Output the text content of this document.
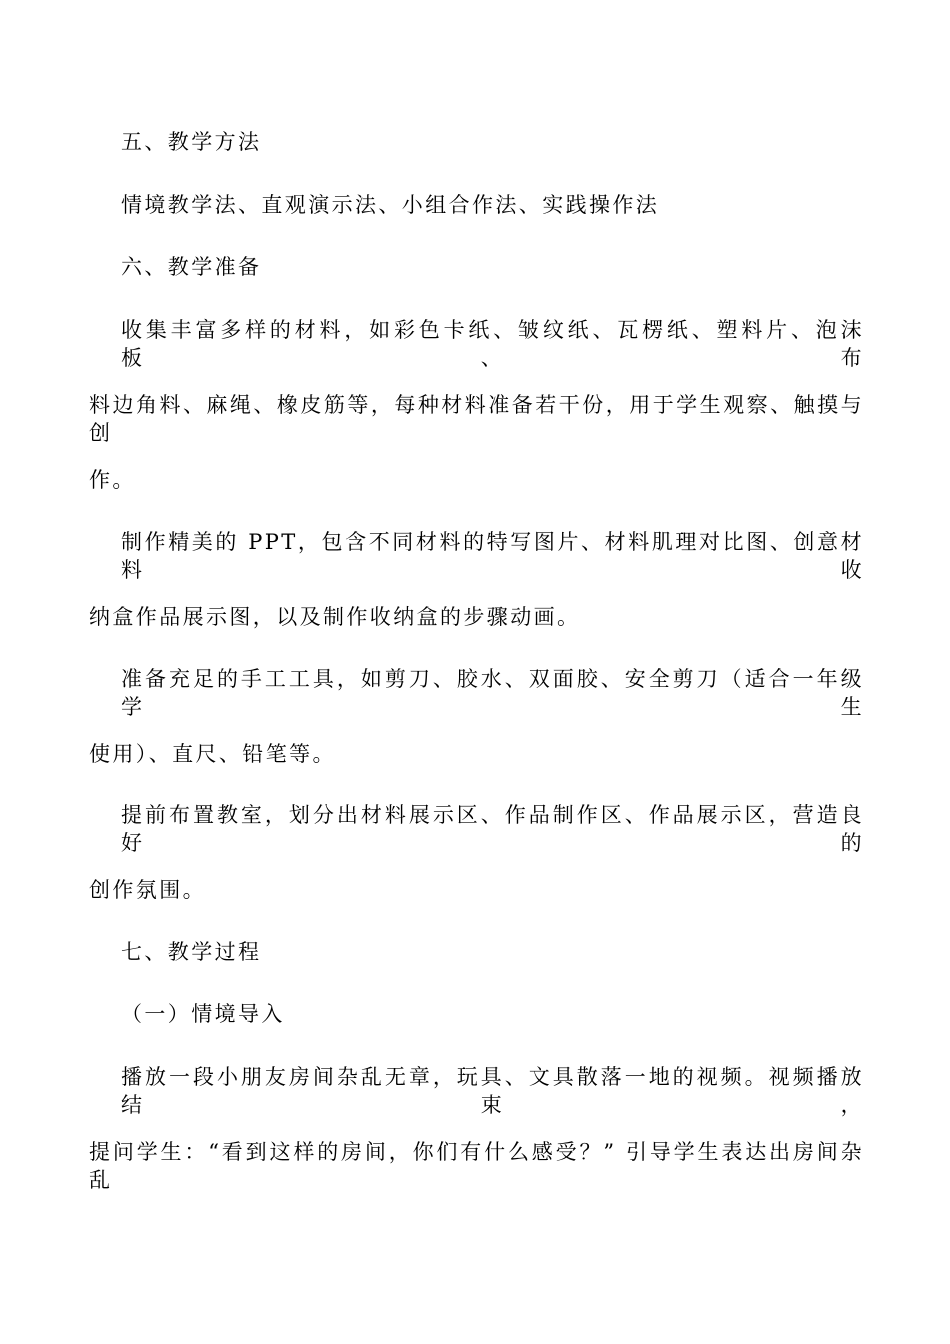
五、教学方法
情境教学法、直观演示法、小组合作法、实践操作法
六、教学准备
收集丰富多样的材料，如彩色卡纸、皱纹纸、瓦楞纸、塑料片、泡沫板、布
料边角料、麻绳、橡皮筋等，每种材料准备若干份，用于学生观察、触摸与创
作。
制作精美的 PPT，包含不同材料的特写图片、材料肌理对比图、创意材料收
纳盒作品展示图，以及制作收纳盒的步骤动画。
准备充足的手工工具，如剪刀、胶水、双面胶、安全剪刀（适合一年级学生
使用）、直尺、铅笔等。
提前布置教室，划分出材料展示区、作品制作区、作品展示区，营造良好的
创作氛围。
七、教学过程
（一）情境导入
播放一段小朋友房间杂乱无章，玩具、文具散落一地的视频。视频播放结束，
提问学生：“看到这样的房间，你们有什么感受？” 引导学生表达出房间杂乱
